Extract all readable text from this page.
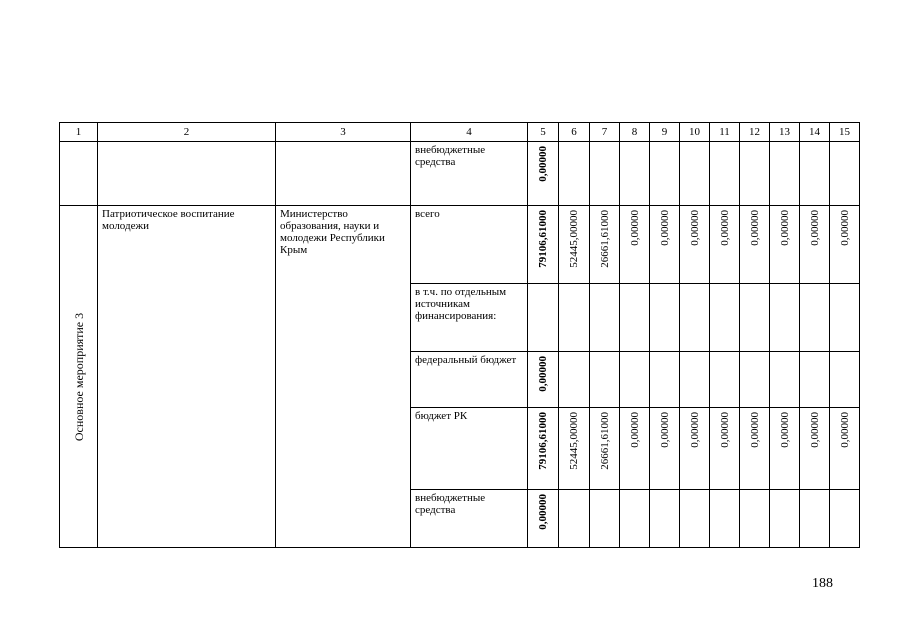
1	2	3	4	5	6	7	8	9	10	11	12	13	14	15
			внебюджетные средства	0,00000										

Основное мероприятие 3	Патриотическое воспитание молодежи	Министерство образования, науки и молодежи Республики Крым	всего	79106,61000	52445,00000	26661,61000	0,00000	0,00000	0,00000	0,00000	0,00000	0,00000	0,00000	0,00000

			в т.ч. по отдельным источникам финансирования:											
			федеральный бюджет	0,00000										

			бюджет РК	79106,61000	52445,00000	26661,61000	0,00000	0,00000	0,00000	0,00000	0,00000	0,00000	0,00000	0,00000

			внебюджетные средства	0,00000										

188
